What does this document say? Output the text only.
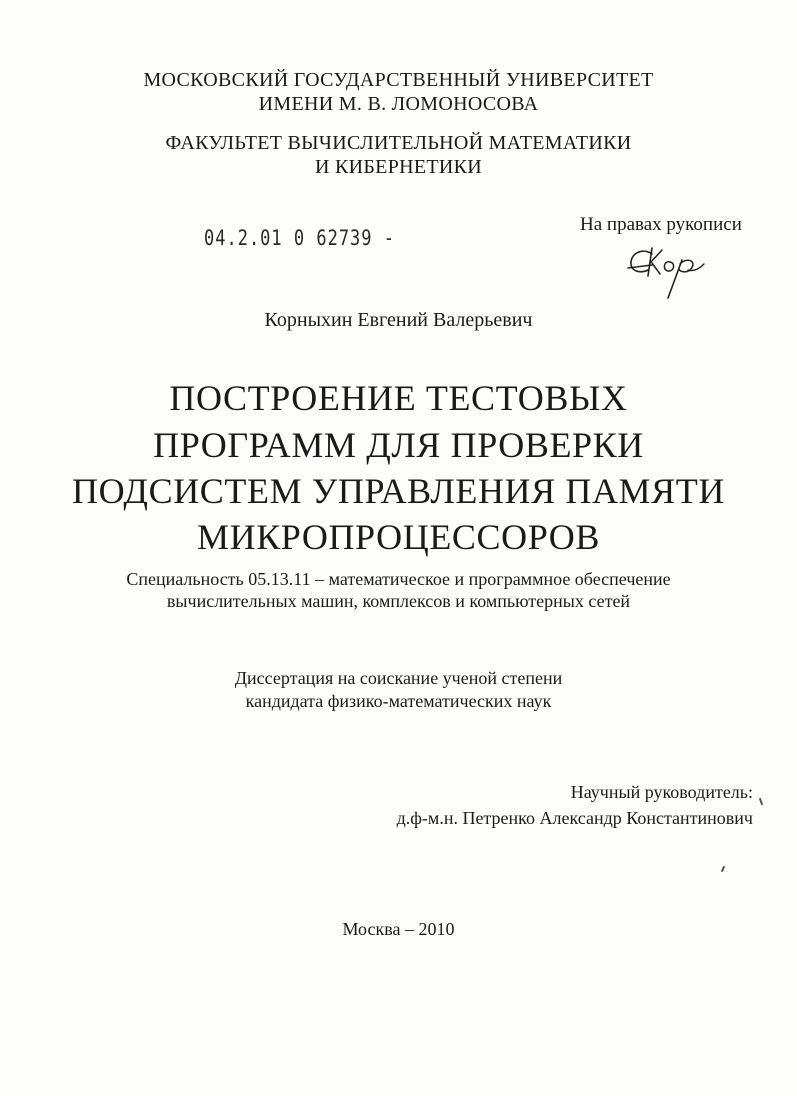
МОСКОВСКИЙ ГОСУДАРСТВЕННЫЙ УНИВЕРСИТЕТ
ИМЕНИ М. В. ЛОМОНОСОВА
ФАКУЛЬТЕТ ВЫЧИСЛИТЕЛЬНОЙ МАТЕМАТИКИ
И КИБЕРНЕТИКИ
04.2.01 0 62739 -
На правах рукописи
Корныхин Евгений Валерьевич
ПОСТРОЕНИЕ ТЕСТОВЫХ
ПРОГРАММ ДЛЯ ПРОВЕРКИ
ПОДСИСТЕМ УПРАВЛЕНИЯ ПАМЯТИ
МИКРОПРОЦЕССОРОВ
Специальность 05.13.11 – математическое и программное обеспечение
вычислительных машин, комплексов и компьютерных сетей
Диссертация на соискание ученой степени
кандидата физико-математических наук
Научный руководитель:
д.ф-м.н. Петренко Александр Константинович
Москва – 2010
